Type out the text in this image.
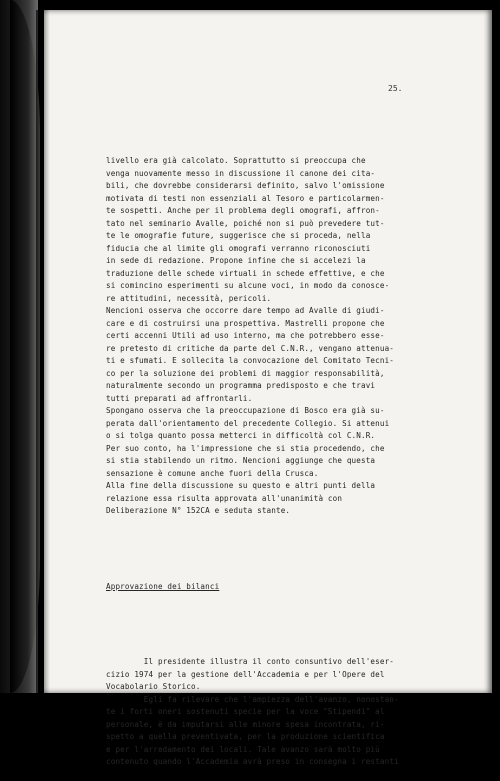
25.

livello era già calcolato. Soprattutto si preoccupa che
venga nuovamente messo in discussione il canone dei cita-
bili, che dovrebbe considerarsi definito, salvo l'omissione
motivata di testi non essenziali al Tesoro e particolarmen-
te sospetti. Anche per il problema degli omografi, affron-
tato nel seminario Avalle, poiché non si può prevedere tut-
te le omografie future, suggerisce che si proceda, nella
fiducia che al limite gli omografi verranno riconosciuti
in sede di redazione. Propone infine che si accelezi la
traduzione delle schede virtuali in schede effettive, e che
si comincino esperimenti su alcune voci, in modo da conosce-
re attitudini, necessità, pericoli.
Nencioni osserva che occorre dare tempo ad Avalle di giudi-
care e di costruirsi una prospettiva. Mastrelli propone che
certi accenni Utili ad uso interno, ma che potrebbero esse-
re pretesto di critiche da parte del C.N.R., vengano attenua-
ti e sfumati. E sollecita la convocazione del Comitato Tecni-
co per la soluzione dei problemi di maggior responsabilità,
naturalmente secondo un programma predisposto e che travi
tutti preparati ad affrontarli.
Spongano osserva che la preoccupazione di Bosco era già su-
perata dall'orientamento del precedente Collegio. Si attenui
o si tolga quanto possa metterci in difficoltà col C.N.R.
Per suo conto, ha l'impressione che si stia procedendo, che
si stia stabilendo un ritmo. Nencioni aggiunge che questa
sensazione è comune anche fuori della Crusca.
Alla fine della discussione su questo e altri punti della
relazione essa risulta approvata all'unanimità con
Deliberazione N° 152CA e seduta stante.

Approvazione dei bilanci

Il presidente illustra il conto consuntivo dell'eser-
cizio 1974 per la gestione dell'Accademia e per l'Opere del
Vocabolario Storico.
Egli fa rilevare che l'ampiezza dell'avanzo, nonostan-
te i forti oneri sostenuti specie per la voce "Stipendi" al
personale, è da imputarsi alle minore spesa incontrata, ri-
spetto a quella preventivata, per la produzione scientifica
e per l'arredamento dei locali. Tale avanzo sarà molto più
contenuto quando l'Accademia avrà preso in consegna i restanti
